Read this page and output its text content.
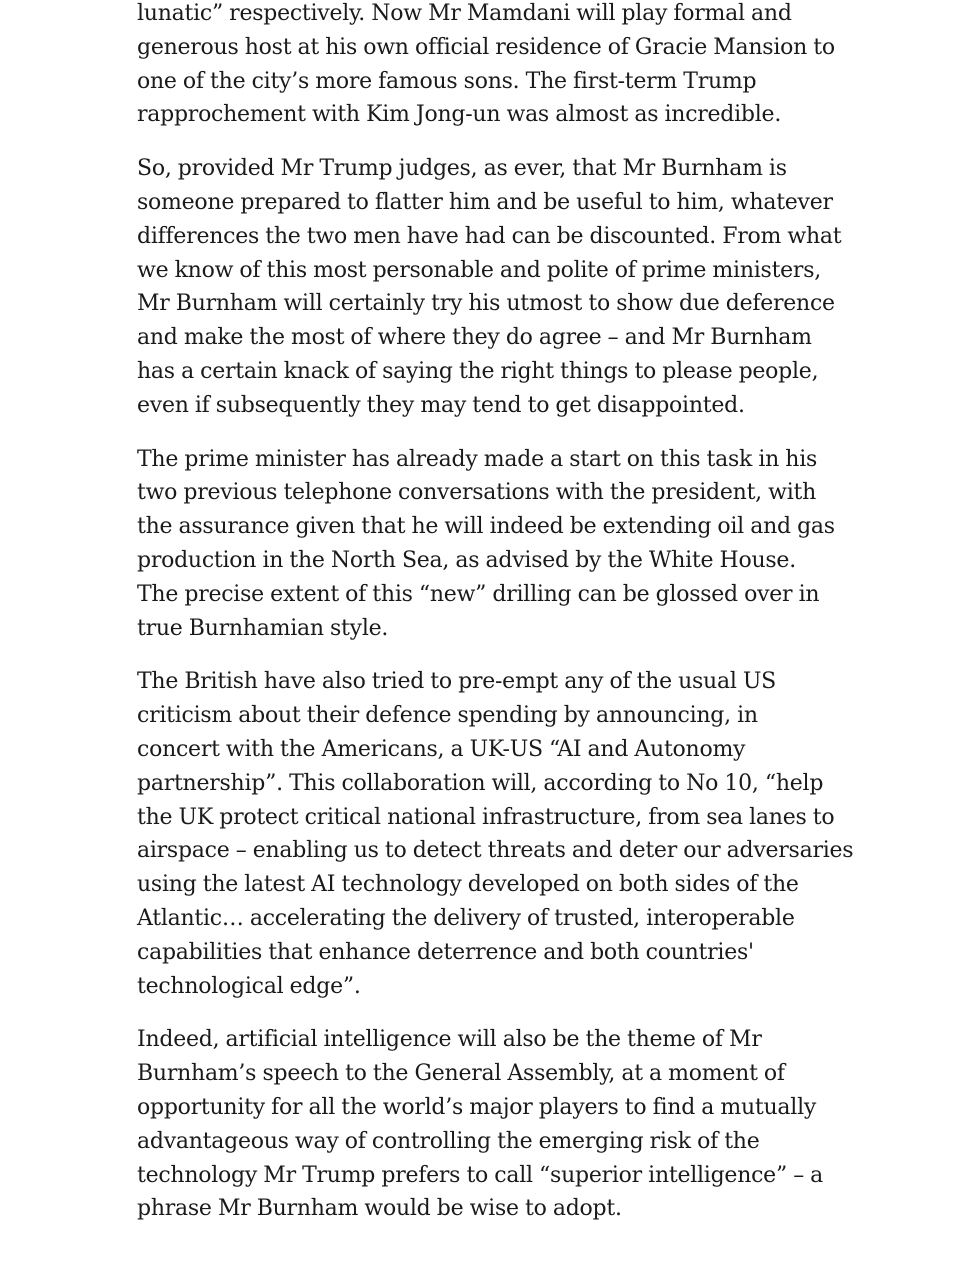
lunatic” respectively. Now Mr Mamdani will play formal and
generous host at his own official residence of Gracie Mansion to
one of the city’s more famous sons. The first-term Trump
rapprochement with Kim Jong-un was almost as incredible.

So, provided Mr Trump judges, as ever, that Mr Burnham is
someone prepared to flatter him and be useful to him, whatever
differences the two men have had can be discounted. From what
we know of this most personable and polite of prime ministers,
Mr Burnham will certainly try his utmost to show due deference
and make the most of where they do agree – and Mr Burnham
has a certain knack of saying the right things to please people,
even if subsequently they may tend to get disappointed.

The prime minister has already made a start on this task in his
two previous telephone conversations with the president, with
the assurance given that he will indeed be extending oil and gas
production in the North Sea, as advised by the White House.
The precise extent of this “new” drilling can be glossed over in
true Burnhamian style.

The British have also tried to pre-empt any of the usual US
criticism about their defence spending by announcing, in
concert with the Americans, a UK-US “AI and Autonomy
partnership”. This collaboration will, according to No 10, “help
the UK protect critical national infrastructure, from sea lanes to
airspace – enabling us to detect threats and deter our adversaries
using the latest AI technology developed on both sides of the
Atlantic… accelerating the delivery of trusted, interoperable
capabilities that enhance deterrence and both countries'
technological edge”.

Indeed, artificial intelligence will also be the theme of Mr
Burnham’s speech to the General Assembly, at a moment of
opportunity for all the world’s major players to find a mutually
advantageous way of controlling the emerging risk of the
technology Mr Trump prefers to call “superior intelligence” – a
phrase Mr Burnham would be wise to adopt.
